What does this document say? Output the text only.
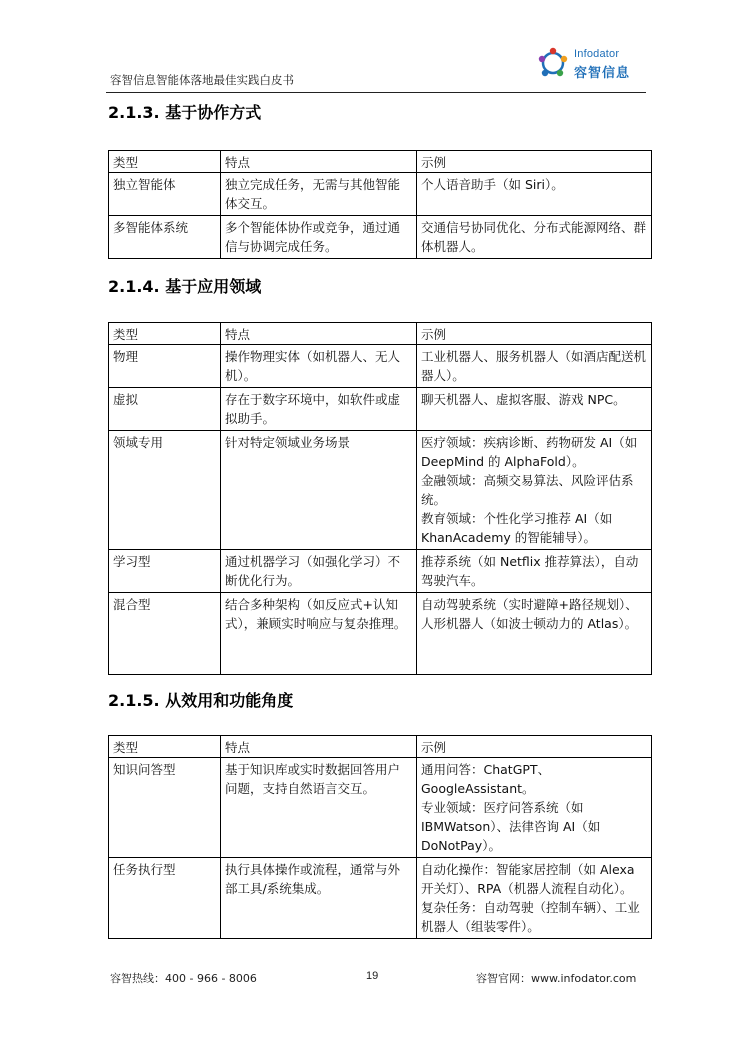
容智信息智能体落地最佳实践白皮书
Infodator
容智信息
2.1.3. 基于协作方式
类型	特点	示例
独立智能体	独立完成任务，无需与其他智能体交互。	个人语音助手（如 Siri）。

多智能体系统	多个智能体协作或竞争，通过通信与协调完成任务。	交通信号协同优化、分布式能源网络、群体机器人。
2.1.4. 基于应用领域
类型	特点	示例
物理	操作物理实体（如机器人、无人机）。	工业机器人、服务机器人（如酒店配送机器人）。

虚拟	存在于数字环境中，如软件或虚拟助手。	聊天机器人、虚拟客服、游戏 NPC。

领域专用	针对特定领域业务场景	医疗领域：疾病诊断、药物研发 AI（如 DeepMind 的 AlphaFold）。
金融领域：高频交易算法、风险评估系统。
教育领域：个性化学习推荐 AI（如 KhanAcademy 的智能辅导）。

学习型	通过机器学习（如强化学习）不断优化行为。	推荐系统（如 Netflix 推荐算法），自动驾驶汽车。

混合型	结合多种架构（如反应式+认知式），兼顾实时响应与复杂推理。	自动驾驶系统（实时避障+路径规划）、人形机器人（如波士顿动力的 Atlas）。
2.1.5. 从效用和功能角度
类型	特点	示例
知识问答型	基于知识库或实时数据回答用户问题，支持自然语言交互。	通用问答：ChatGPT、GoogleAssistant。
专业领域：医疗问答系统（如 IBMWatson）、法律咨询 AI（如 DoNotPay）。

任务执行型	执行具体操作或流程，通常与外部工具/系统集成。	自动化操作：智能家居控制（如 Alexa 开关灯）、RPA（机器人流程自动化）。
复杂任务：自动驾驶（控制车辆）、工业机器人（组装零件）。
容智热线：400 - 966 - 8006	19	容智官网：www.infodator.com
